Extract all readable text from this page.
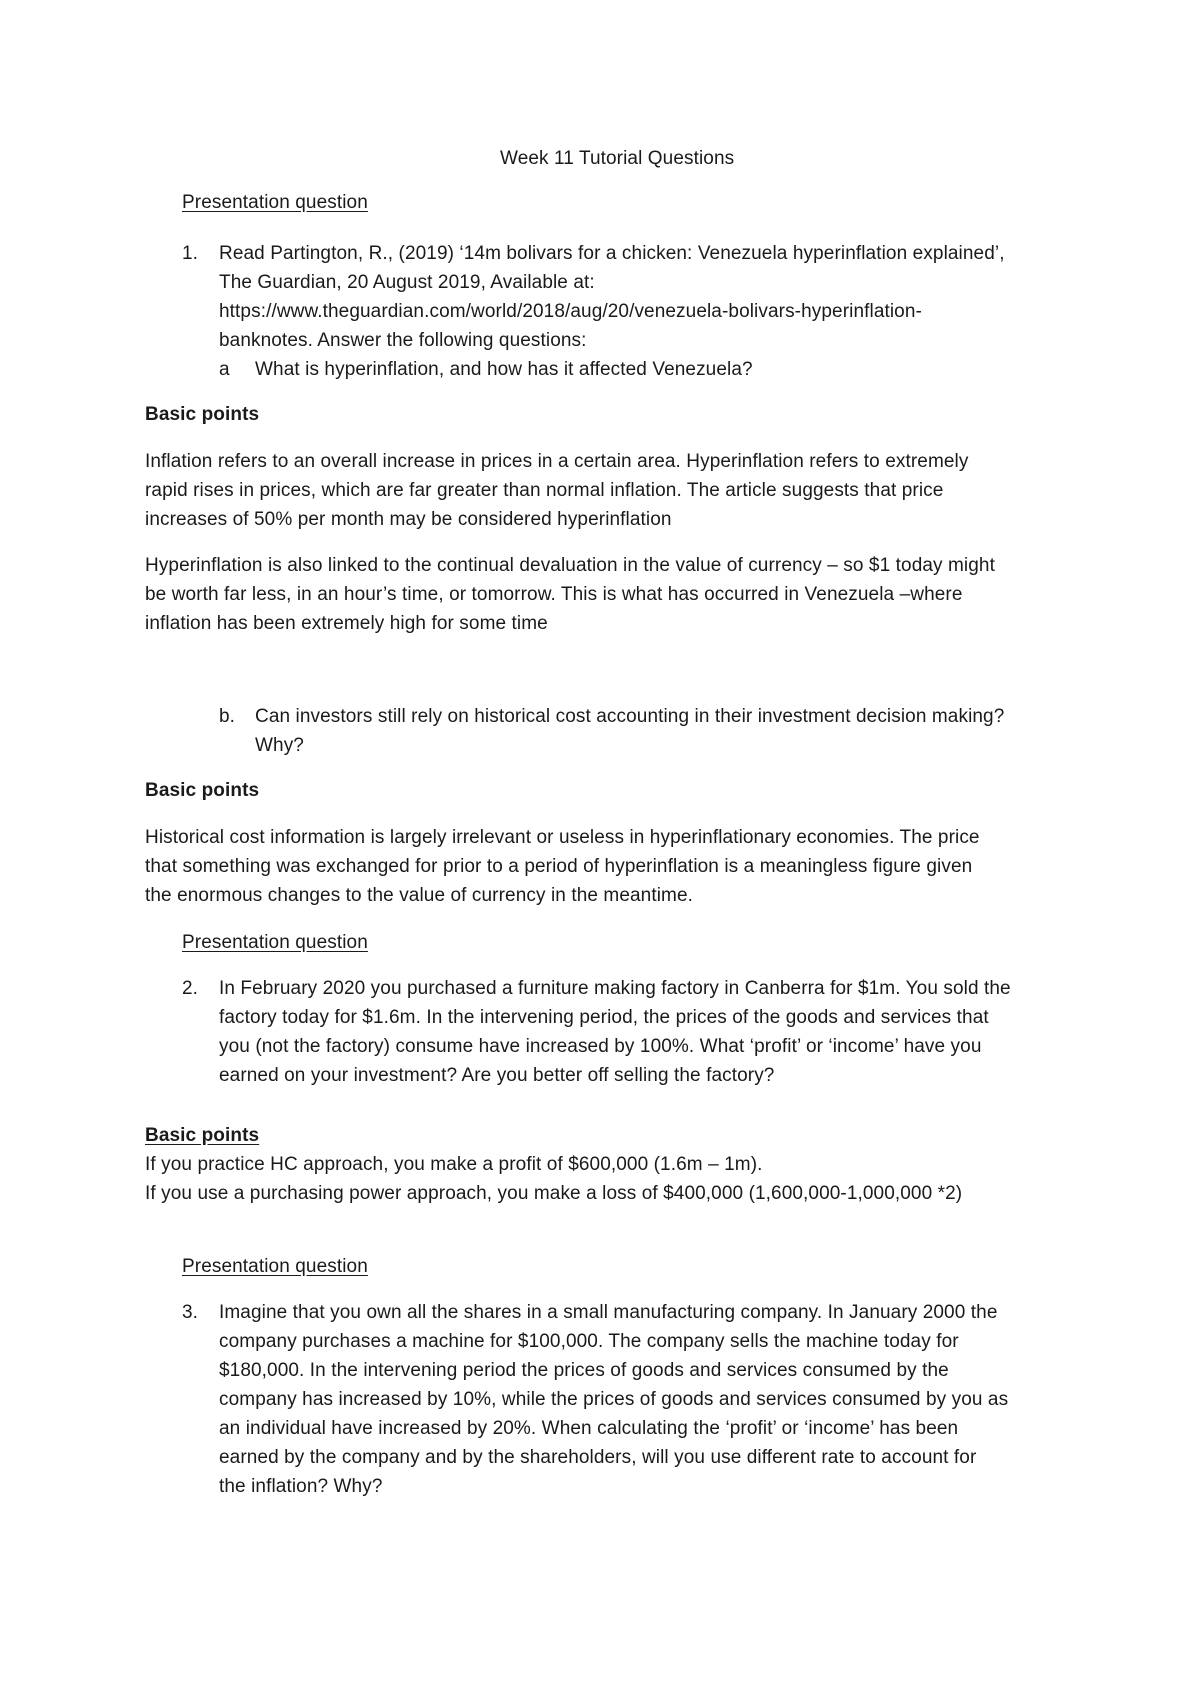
Week 11 Tutorial Questions
Presentation question
1. Read Partington, R., (2019) ‘14m bolivars for a chicken: Venezuela hyperinflation explained’,
The Guardian, 20 August 2019, Available at:
https://www.theguardian.com/world/2018/aug/20/venezuela-bolivars-hyperinflation-
banknotes. Answer the following questions:
a What is hyperinflation, and how has it affected Venezuela?
Basic points
Inflation refers to an overall increase in prices in a certain area. Hyperinflation refers to extremely
rapid rises in prices, which are far greater than normal inflation. The article suggests that price
increases of 50% per month may be considered hyperinflation
Hyperinflation is also linked to the continual devaluation in the value of currency – so $1 today might
be worth far less, in an hour’s time, or tomorrow. This is what has occurred in Venezuela –where
inflation has been extremely high for some time
b. Can investors still rely on historical cost accounting in their investment decision making?
Why?
Basic points
Historical cost information is largely irrelevant or useless in hyperinflationary economies. The price
that something was exchanged for prior to a period of hyperinflation is a meaningless figure given
the enormous changes to the value of currency in the meantime.
Presentation question
2. In February 2020 you purchased a furniture making factory in Canberra for $1m. You sold the
factory today for $1.6m. In the intervening period, the prices of the goods and services that
you (not the factory) consume have increased by 100%. What ‘profit’ or ‘income’ have you
earned on your investment? Are you better off selling the factory?
Basic points
If you practice HC approach, you make a profit of $600,000 (1.6m – 1m).
If you use a purchasing power approach, you make a loss of $400,000 (1,600,000-1,000,000 *2)
Presentation question
3. Imagine that you own all the shares in a small manufacturing company. In January 2000 the
company purchases a machine for $100,000. The company sells the machine today for
$180,000. In the intervening period the prices of goods and services consumed by the
company has increased by 10%, while the prices of goods and services consumed by you as
an individual have increased by 20%. When calculating the ‘profit’ or ‘income’ has been
earned by the company and by the shareholders, will you use different rate to account for
the inflation? Why?
